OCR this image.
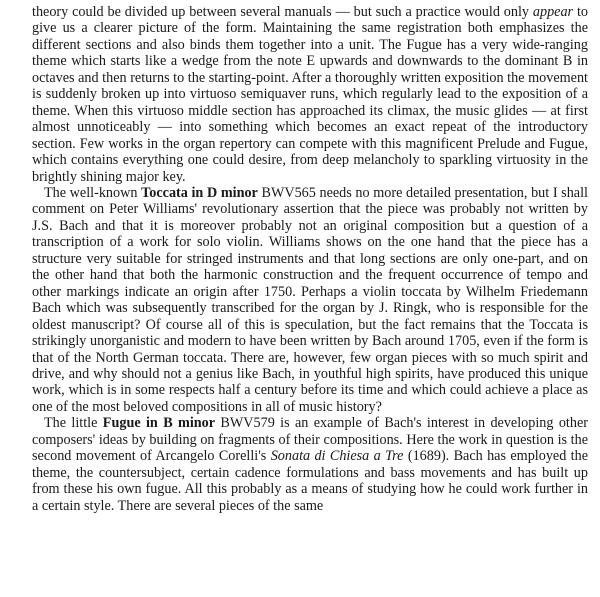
theory could be divided up between several manuals — but such a practice would only appear to give us a clearer picture of the form. Maintaining the same registration both emphasizes the different sections and also binds them together into a unit. The Fugue has a very wide-ranging theme which starts like a wedge from the note E upwards and downwards to the dominant B in octaves and then returns to the starting-point. After a thoroughly written exposition the movement is suddenly broken up into virtuoso semiquaver runs, which regularly lead to the exposition of a theme. When this virtuoso middle section has approached its climax, the music glides — at first almost unnoticeably — into something which becomes an exact repeat of the introductory section. Few works in the organ repertory can compete with this magnificent Prelude and Fugue, which contains everything one could desire, from deep melancholy to sparkling virtuosity in the brightly shining major key.

The well-known Toccata in D minor BWV565 needs no more detailed presentation, but I shall comment on Peter Williams' revolutionary assertion that the piece was probably not written by J.S. Bach and that it is moreover probably not an original composition but a question of a transcription of a work for solo violin. Williams shows on the one hand that the piece has a structure very suitable for stringed instruments and that long sections are only one-part, and on the other hand that both the harmonic construction and the frequent occurrence of tempo and other markings indicate an origin after 1750. Perhaps a violin toccata by Wilhelm Friedemann Bach which was subsequently transcribed for the organ by J. Ringk, who is responsible for the oldest manuscript? Of course all of this is speculation, but the fact remains that the Toccata is strikingly unorganistic and modern to have been written by Bach around 1705, even if the form is that of the North German toccata. There are, however, few organ pieces with so much spirit and drive, and why should not a genius like Bach, in youthful high spirits, have produced this unique work, which is in some respects half a century before its time and which could achieve a place as one of the most beloved compositions in all of music history?

The little Fugue in B minor BWV579 is an example of Bach's interest in developing other composers' ideas by building on fragments of their compositions. Here the work in question is the second movement of Arcangelo Corelli's Sonata di Chiesa a Tre (1689). Bach has employed the theme, the countersubject, certain cadence formulations and bass movements and has built up from these his own fugue. All this probably as a means of studying how he could work further in a certain style. There are several pieces of the same
